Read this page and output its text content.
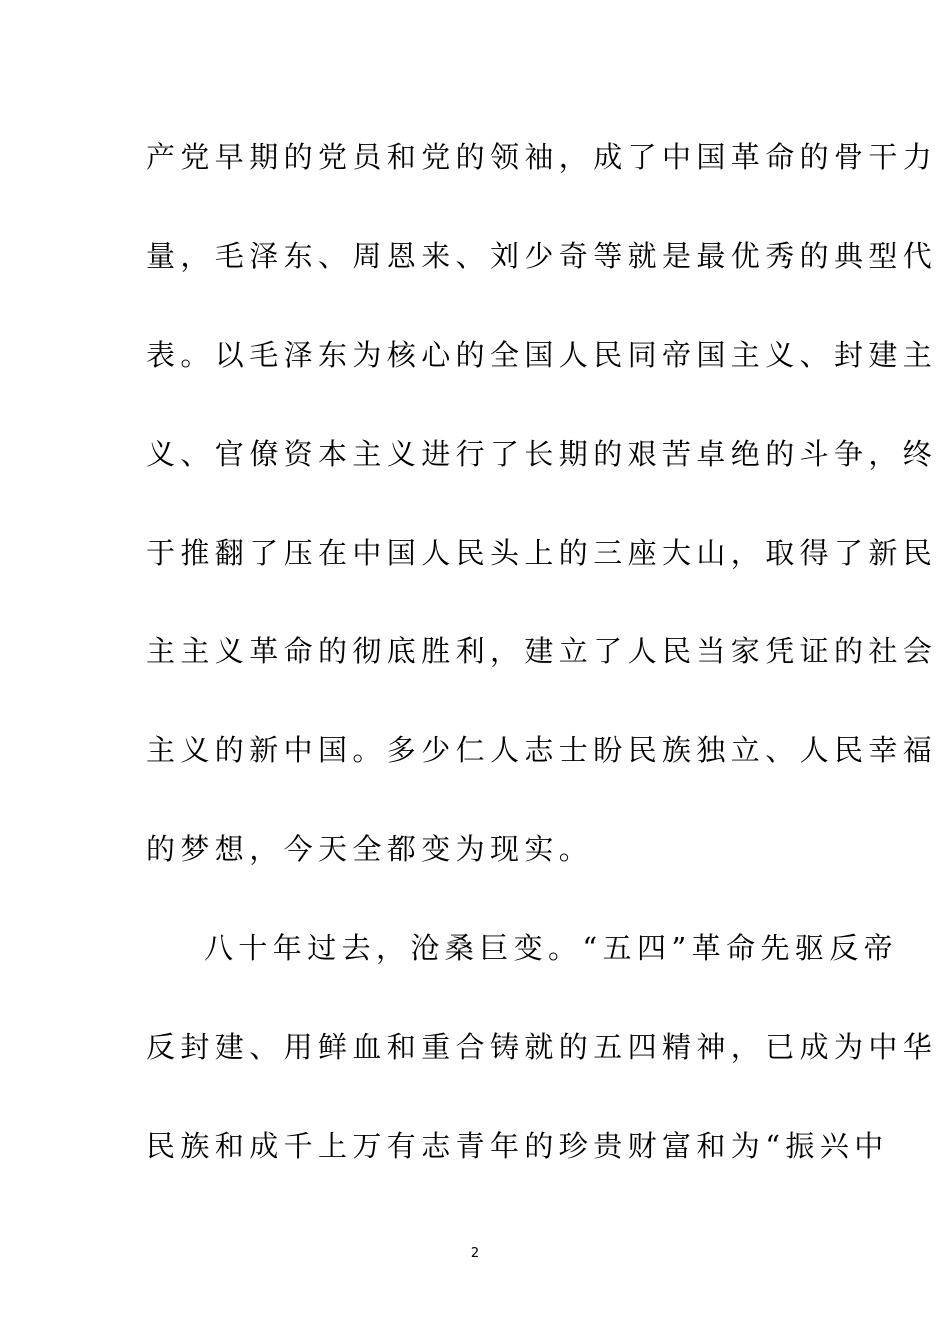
产党早期的党员和党的领袖，成了中国革命的骨干力
量，毛泽东、周恩来、刘少奇等就是最优秀的典型代
表。以毛泽东为核心的全国人民同帝国主义、封建主
义、官僚资本主义进行了长期的艰苦卓绝的斗争，终
于推翻了压在中国人民头上的三座大山，取得了新民
主主义革命的彻底胜利，建立了人民当家凭证的社会
主义的新中国。多少仁人志士盼民族独立、人民幸福
的梦想，今天全都变为现实。
八十年过去，沧桑巨变。“五四”革命先驱反帝
反封建、用鲜血和重合铸就的五四精神，已成为中华
民族和成千上万有志青年的珍贵财富和为“振兴中
2
